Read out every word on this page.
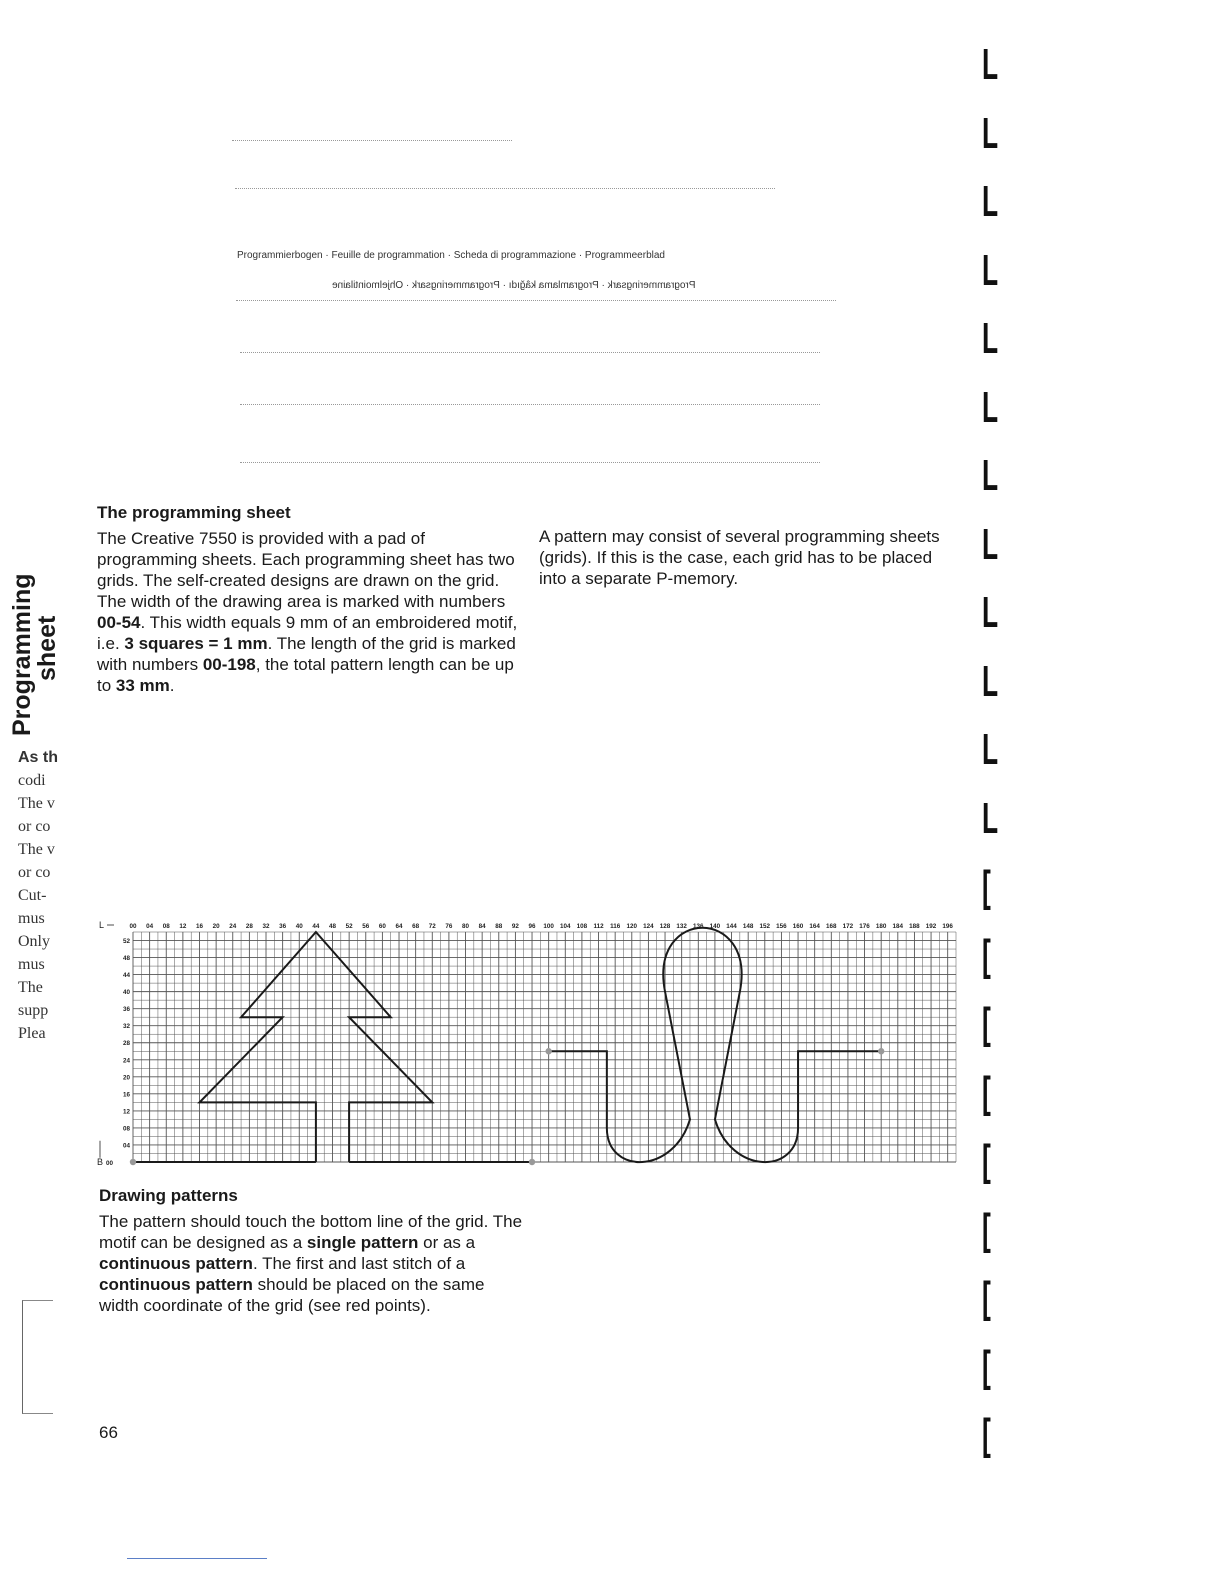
Programmierbogen · Feuille de programmation · Scheda di programmazione · Programmeerblad
Programmeringsark · Programlama kâğıdı · Programmeringsark · Ohjelmointilaine
Programming
sheet
As th
codi
The v
or co
The v
or co
Cut-
mus
Only
mus
The
supp
Plea
L
L
L
L
L
L
L
L
L
L
L
L
[
[
[
[
[
[
[
[
[
The programming sheet
The Creative 7550 is provided with a pad of programming sheets. Each programming sheet has two grids. The self-created designs are drawn on the grid. The width of the drawing area is marked with numbers 00-54. This width equals 9 mm of an embroidered motif, i.e. 3 squares = 1 mm. The length of the grid is marked with numbers 00-198, the total pattern length can be up to 33 mm.
A pattern may consist of several programming sheets (grids). If this is the case, each grid has to be placed into a separate P-memory.
00 04 08 12 16 20 24 28 32 36 40 44 48 52 56 60 64 68 72 76 80 84 88 92 96 100 104 108 112 116 120 124 128 132 136 140 144 148 152 156 160 164 168 172 176 180 184 188 192 196
52
48
44
40
36
32
28
24
20
16
12
08
04
L
B 00
Drawing patterns
The pattern should touch the bottom line of the grid. The motif can be designed as a single pattern or as a continuous pattern. The first and last stitch of a continuous pattern should be placed on the same width coordinate of the grid (see red points).
66
